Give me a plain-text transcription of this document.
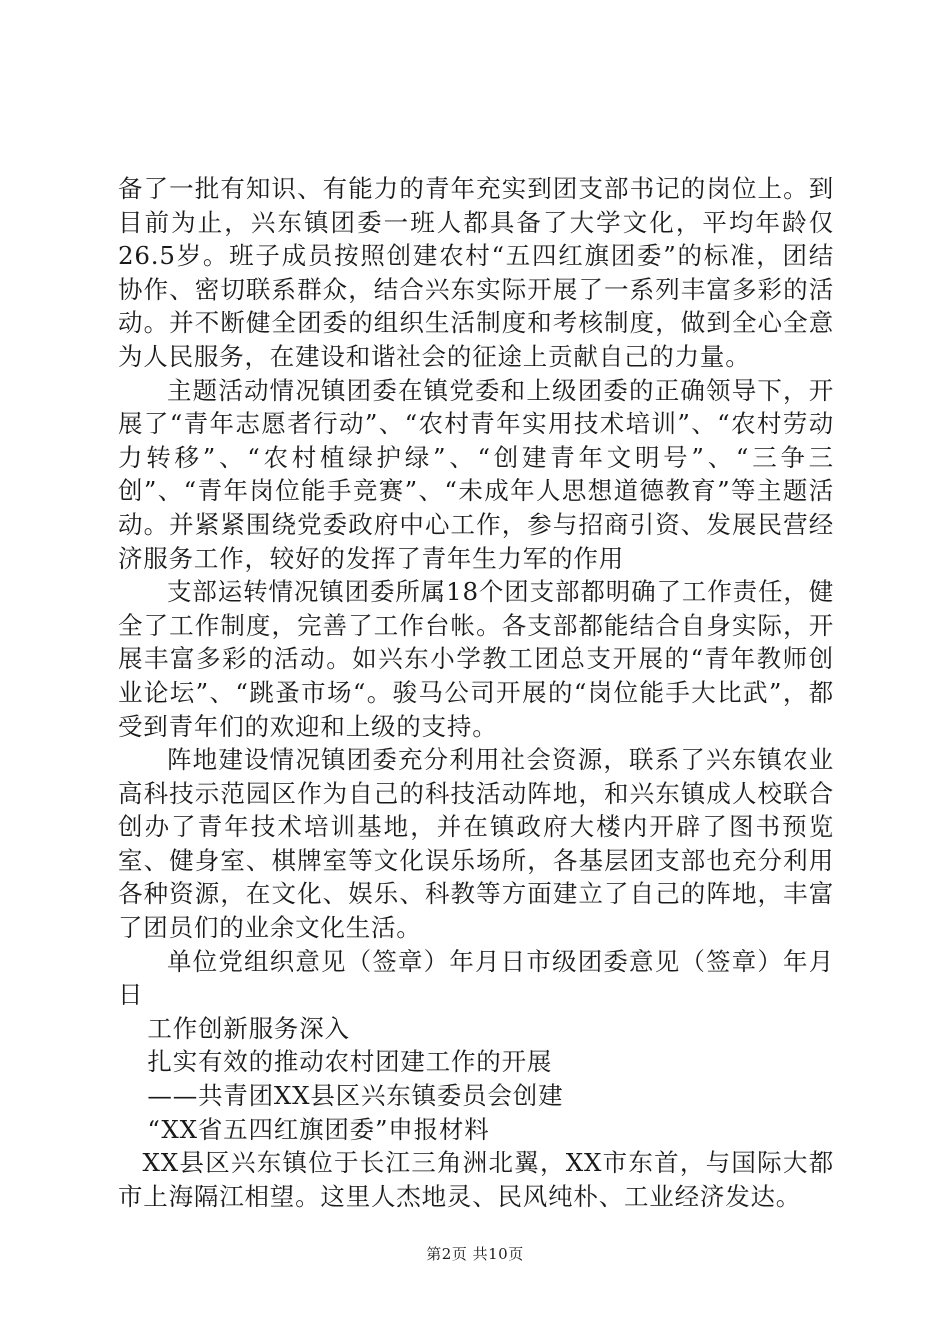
备了一批有知识、有能力的青年充实到团支部书记的岗位上。到目前为止，兴东镇团委一班人都具备了大学文化，平均年龄仅26.5岁。班子成员按照创建农村“五四红旗团委”的标准，团结协作、密切联系群众，结合兴东实际开展了一系列丰富多彩的活动。并不断健全团委的组织生活制度和考核制度，做到全心全意为人民服务，在建设和谐社会的征途上贡献自己的力量。

主题活动情况镇团委在镇党委和上级团委的正确领导下，开展了“青年志愿者行动”、“农村青年实用技术培训”、“农村劳动力转移”、“农村植绿护绿”、“创建青年文明号”、“三争三创”、“青年岗位能手竞赛”、“未成年人思想道德教育”等主题活动。并紧紧围绕党委政府中心工作，参与招商引资、发展民营经济服务工作，较好的发挥了青年生力军的作用

支部运转情况镇团委所属18个团支部都明确了工作责任，健全了工作制度，完善了工作台帐。各支部都能结合自身实际，开展丰富多彩的活动。如兴东小学教工团总支开展的“青年教师创业论坛”、“跳蚤市场“。骏马公司开展的“岗位能手大比武”，都受到青年们的欢迎和上级的支持。

阵地建设情况镇团委充分利用社会资源，联系了兴东镇农业高科技示范园区作为自己的科技活动阵地，和兴东镇成人校联合创办了青年技术培训基地，并在镇政府大楼内开辟了图书预览室、健身室、棋牌室等文化误乐场所，各基层团支部也充分利用各种资源，在文化、娱乐、科教等方面建立了自己的阵地，丰富了团员们的业余文化生活。

单位党组织意见（签章）年月日市级团委意见（签章）年月日

工作创新服务深入

扎实有效的推动农村团建工作的开展

——共青团XX县区兴东镇委员会创建

“XX省五四红旗团委”申报材料

XX县区兴东镇位于长江三角洲北翼，XX市东首，与国际大都市上海隔江相望。这里人杰地灵、民风纯朴、工业经济发达。

第2页 共10页
